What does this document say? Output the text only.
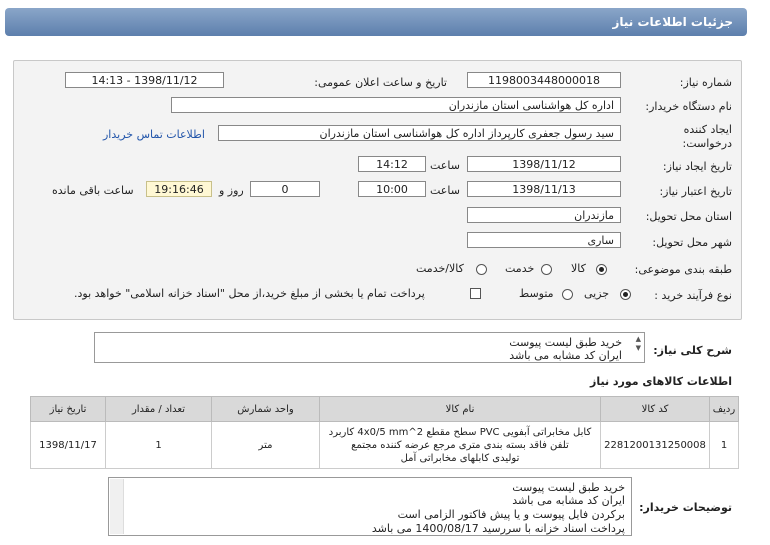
جزئیات اطلاعات نیاز
شماره نیاز:
1198003448000018
تاریخ و ساعت اعلان عمومی:
1398/11/12 - 14:13
نام دستگاه خریدار:
اداره کل هواشناسی استان مازندران
ایجاد کننده
درخواست:
سید رسول جعفری کارپرداز اداره کل هواشناسی استان مازندران
اطلاعات تماس خریدار
تاریخ ایجاد نیاز:
1398/11/12
ساعت
14:12
تاریخ اعتبار نیاز:
1398/11/13
ساعت
10:00
0
روز و
19:16:46
ساعت باقی مانده
استان محل تحویل:
مازندران
شهر محل تحویل:
ساری
طبقه بندی موضوعی:
کالا
خدمت
کالا/خدمت
نوع فرآیند خرید :
جزیی
متوسط
پرداخت تمام یا بخشی از مبلغ خرید،از محل "اسناد خزانه اسلامی" خواهد بود.
شرح کلی نیاز:
خرید طبق لیست پیوست
ایران کد مشابه می باشد
▲
▼
اطلاعات کالاهای مورد نیاز
ردیف	کد کالا	نام کالا	واحد شمارش	تعداد / مقدار	تاریخ نیاز
1	2281200131250008	کابل مخابراتی آبفویی PVC سطح مقطع 2^4x0/5 mm کاربرد
تلفن فاقد بسته بندی متری مرجع عرضه کننده مجتمع
تولیدی کابلهای مخابراتی آمل	متر	1	1398/11/17
توضیحات خریدار:
خرید طبق لیست پیوست
ایران کد مشابه می باشد
برکردن فایل پیوست و یا پیش فاکتور الزامی است
پرداخت اسناد خزانه با سررسید 1400/08/17 می باشد
